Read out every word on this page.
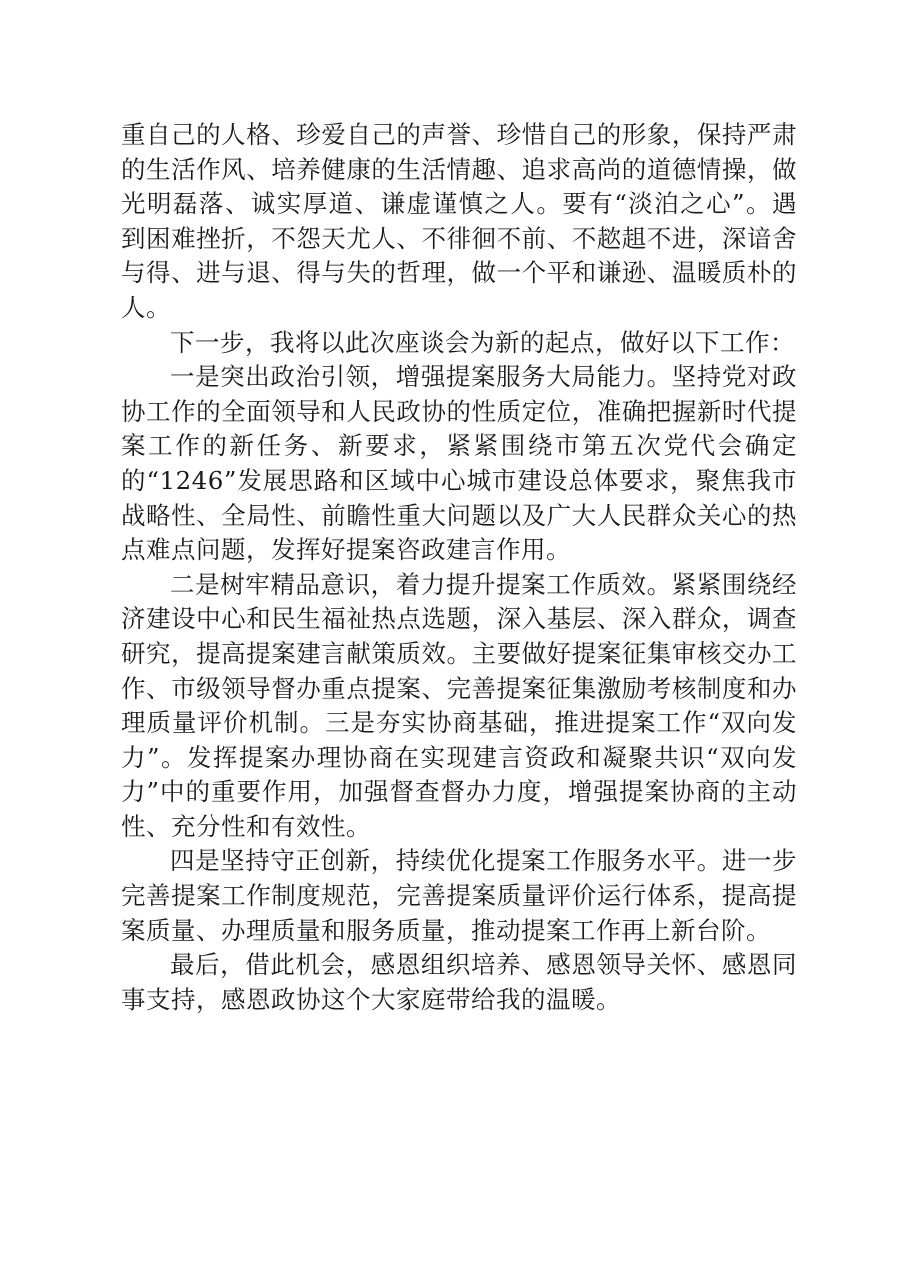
重自己的人格、珍爱自己的声誉、珍惜自己的形象，保持严肃的生活作风、培养健康的生活情趣、追求高尚的道德情操，做光明磊落、诚实厚道、谦虚谨慎之人。要有“淡泊之心”。遇到困难挫折，不怨天尤人、不徘徊不前、不趑趄不进，深谙舍与得、进与退、得与失的哲理，做一个平和谦逊、温暖质朴的人。

下一步，我将以此次座谈会为新的起点，做好以下工作：

一是突出政治引领，增强提案服务大局能力。坚持党对政协工作的全面领导和人民政协的性质定位，准确把握新时代提案工作的新任务、新要求，紧紧围绕市第五次党代会确定的“1246”发展思路和区域中心城市建设总体要求，聚焦我市战略性、全局性、前瞻性重大问题以及广大人民群众关心的热点难点问题，发挥好提案咨政建言作用。

二是树牢精品意识，着力提升提案工作质效。紧紧围绕经济建设中心和民生福祉热点选题，深入基层、深入群众，调查研究，提高提案建言献策质效。主要做好提案征集审核交办工作、市级领导督办重点提案、完善提案征集激励考核制度和办理质量评价机制。三是夯实协商基础，推进提案工作“双向发力”。发挥提案办理协商在实现建言资政和凝聚共识“双向发力”中的重要作用，加强督查督办力度，增强提案协商的主动性、充分性和有效性。

四是坚持守正创新，持续优化提案工作服务水平。进一步完善提案工作制度规范，完善提案质量评价运行体系，提高提案质量、办理质量和服务质量，推动提案工作再上新台阶。

最后，借此机会，感恩组织培养、感恩领导关怀、感恩同事支持，感恩政协这个大家庭带给我的温暖。
